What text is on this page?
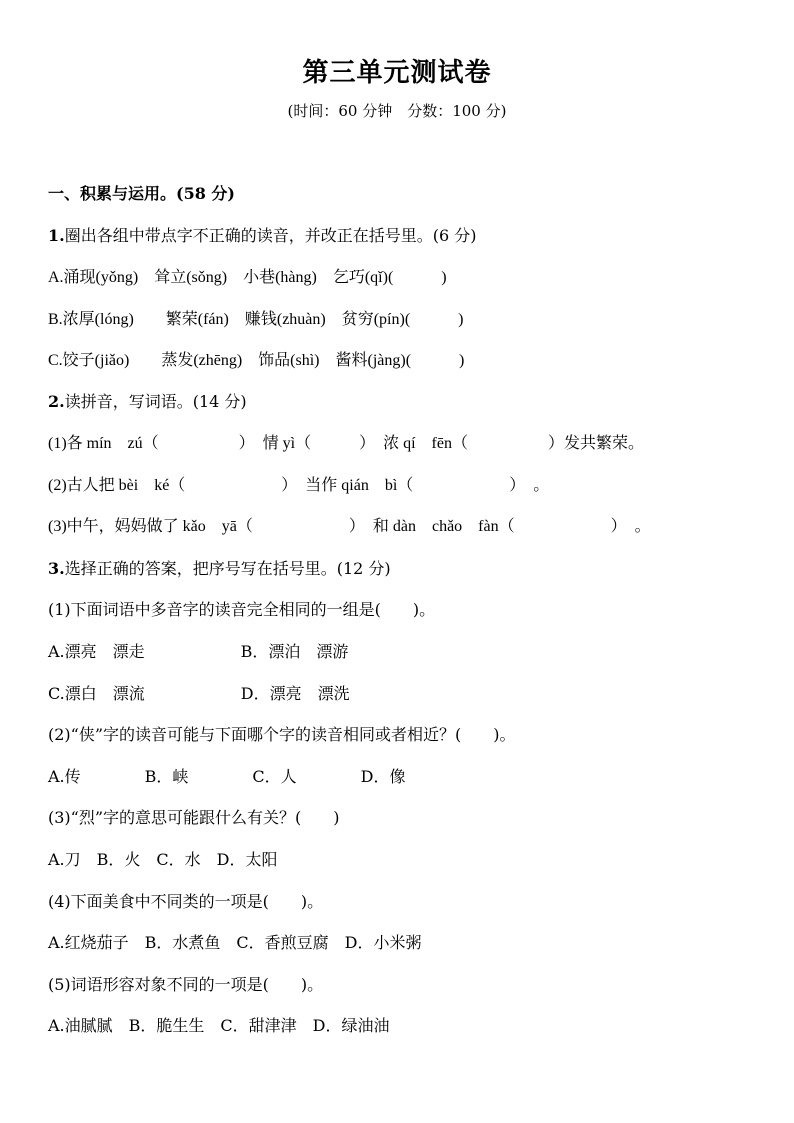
第三单元测试卷
(时间：60 分钟　分数：100 分)
一、积累与运用。(58 分)
1.圈出各组中带点字不正确的读音，并改正在括号里。(6 分)
A.涌现(yǒng)　耸立(sǒng)　小巷(hàng)　乞巧(qǐ)(　　　)
B.浓厚(lóng)　　繁荣(fán)　赚钱(zhuàn)　贫穷(pín)(　　　)
C.饺子(jiǎo)　　蒸发(zhēng)　饰品(shì)　酱料(jàng)(　　　)
2.读拼音，写词语。(14 分)
(1)各 mín　zú（　　　　　）　情 yì（　　　）　浓 qí　fēn（　　　　　）发共繁荣。
(2)古人把 bèi　ké（　　　　　　）　当作 qián　bì（　　　　　　）　。
(3)中午，妈妈做了 kǎo　yā（　　　　　　）　和 dàn　chǎo　fàn（　　　　　　）　。
3.选择正确的答案，把序号写在括号里。(12 分)
(1)下面词语中多音字的读音完全相同的一组是(　　)。
A.漂亮　漂走　　　　　　B．漂泊　漂游
C.漂白　漂流　　　　　　D．漂亮　漂洗
(2)“侠”字的读音可能与下面哪个字的读音相同或者相近？(　　)。
A.传　　　　B．峡　　　　C．人　　　　D．像
(3)“烈”字的意思可能跟什么有关？(　　)
A.刀　B．火　C．水　D．太阳
(4)下面美食中不同类的一项是(　　)。
A.红烧茄子　B．水煮鱼　C．香煎豆腐　D．小米粥
(5)词语形容对象不同的一项是(　　)。
A.油腻腻　B．脆生生　C．甜津津　D．绿油油
